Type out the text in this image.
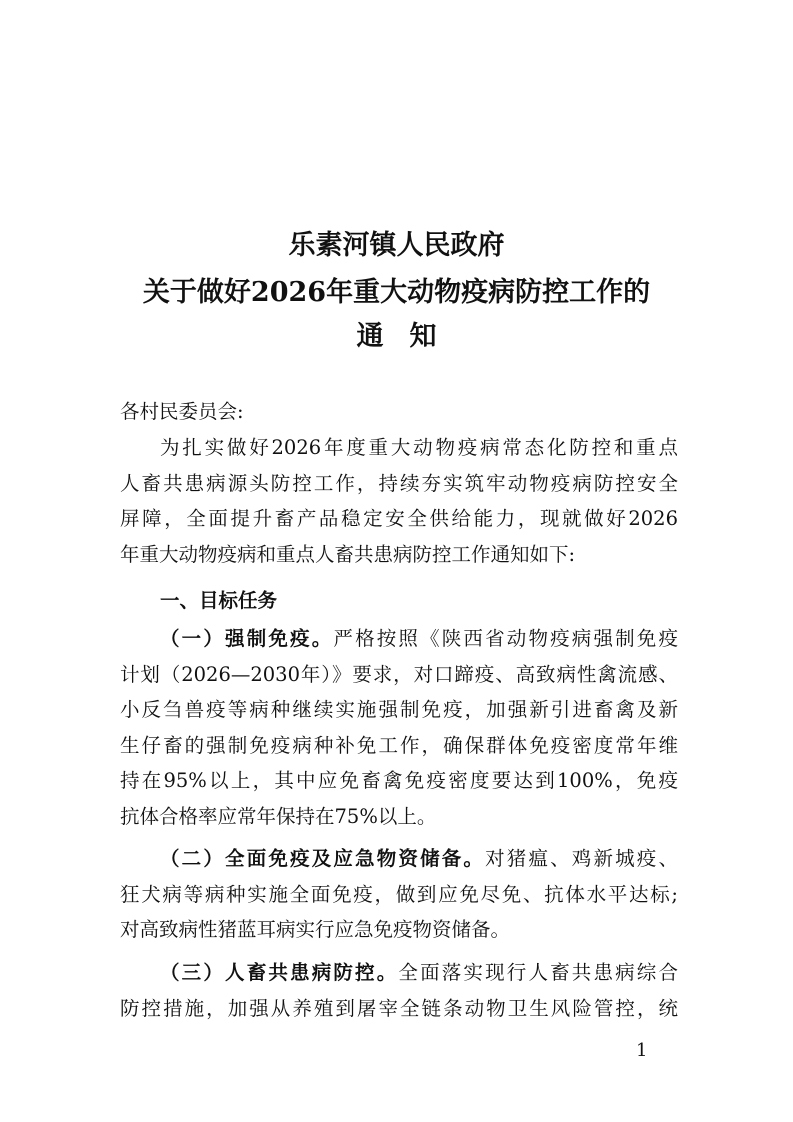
乐素河镇人民政府
关于做好2026年重大动物疫病防控工作的
通知
各村民委员会:
为扎实做好2026年度重大动物疫病常态化防控和重点
人畜共患病源头防控工作，持续夯实筑牢动物疫病防控安全
屏障，全面提升畜产品稳定安全供给能力，现就做好2026
年重大动物疫病和重点人畜共患病防控工作通知如下:
一、目标任务
（一）强制免疫。严格按照《陕西省动物疫病强制免疫
计划（2026—2030年）》要求，对口蹄疫、高致病性禽流感、
小反刍兽疫等病种继续实施强制免疫，加强新引进畜禽及新
生仔畜的强制免疫病种补免工作，确保群体免疫密度常年维
持在95%以上，其中应免畜禽免疫密度要达到100%，免疫
抗体合格率应常年保持在75%以上。
（二）全面免疫及应急物资储备。对猪瘟、鸡新城疫、
狂犬病等病种实施全面免疫，做到应免尽免、抗体水平达标;
对高致病性猪蓝耳病实行应急免疫物资储备。
（三）人畜共患病防控。全面落实现行人畜共患病综合
防控措施，加强从养殖到屠宰全链条动物卫生风险管控，统
1
